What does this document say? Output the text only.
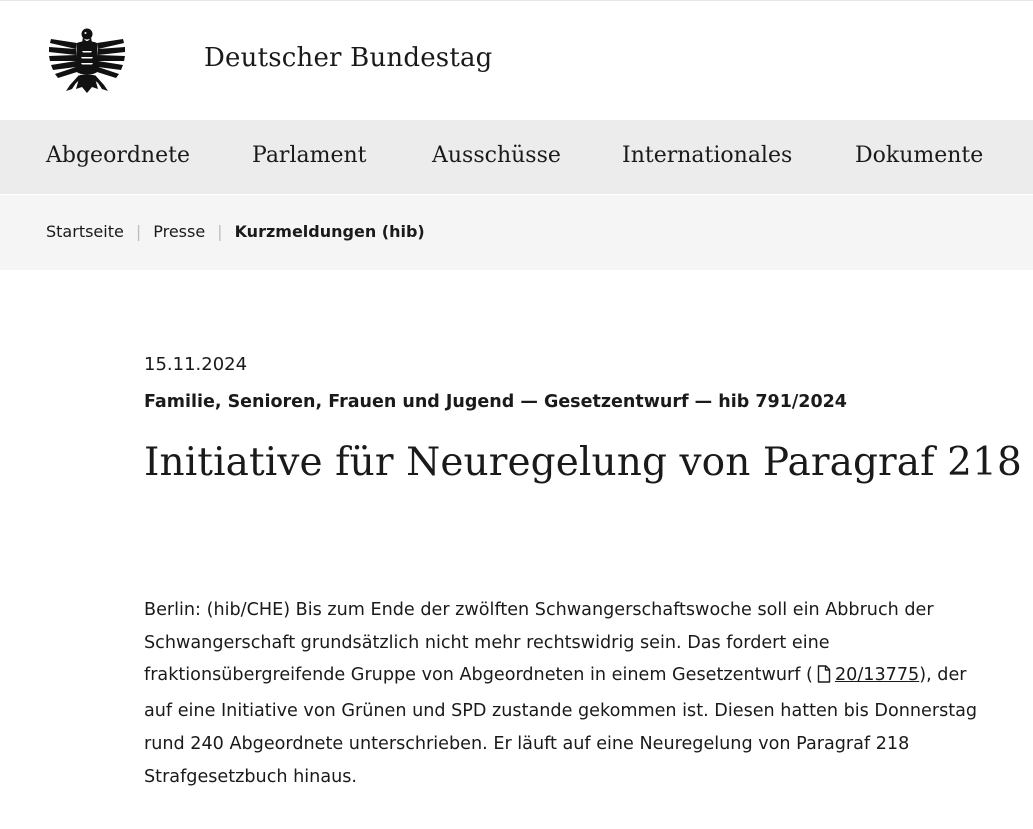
Deutscher Bundestag
Abgeordnete	Parlament	Ausschüsse	Internationales	Dokumente
Startseite | Presse | Kurzmeldungen (hib)
15.11.2024
Familie, Senioren, Frauen und Jugend — Gesetzentwurf — hib 791/2024
Initiative für Neuregelung von Paragraf 218

Berlin: (hib/CHE) Bis zum Ende der zwölften Schwangerschaftswoche soll ein Abbruch der
Schwangerschaft grundsätzlich nicht mehr rechtswidrig sein. Das fordert eine
fraktionsübergreifende Gruppe von Abgeordneten in einem Gesetzentwurf ( 20/13775), der
auf eine Initiative von Grünen und SPD zustande gekommen ist. Diesen hatten bis Donnerstag
rund 240 Abgeordnete unterschrieben. Er läuft auf eine Neuregelung von Paragraf 218
Strafgesetzbuch hinaus.
